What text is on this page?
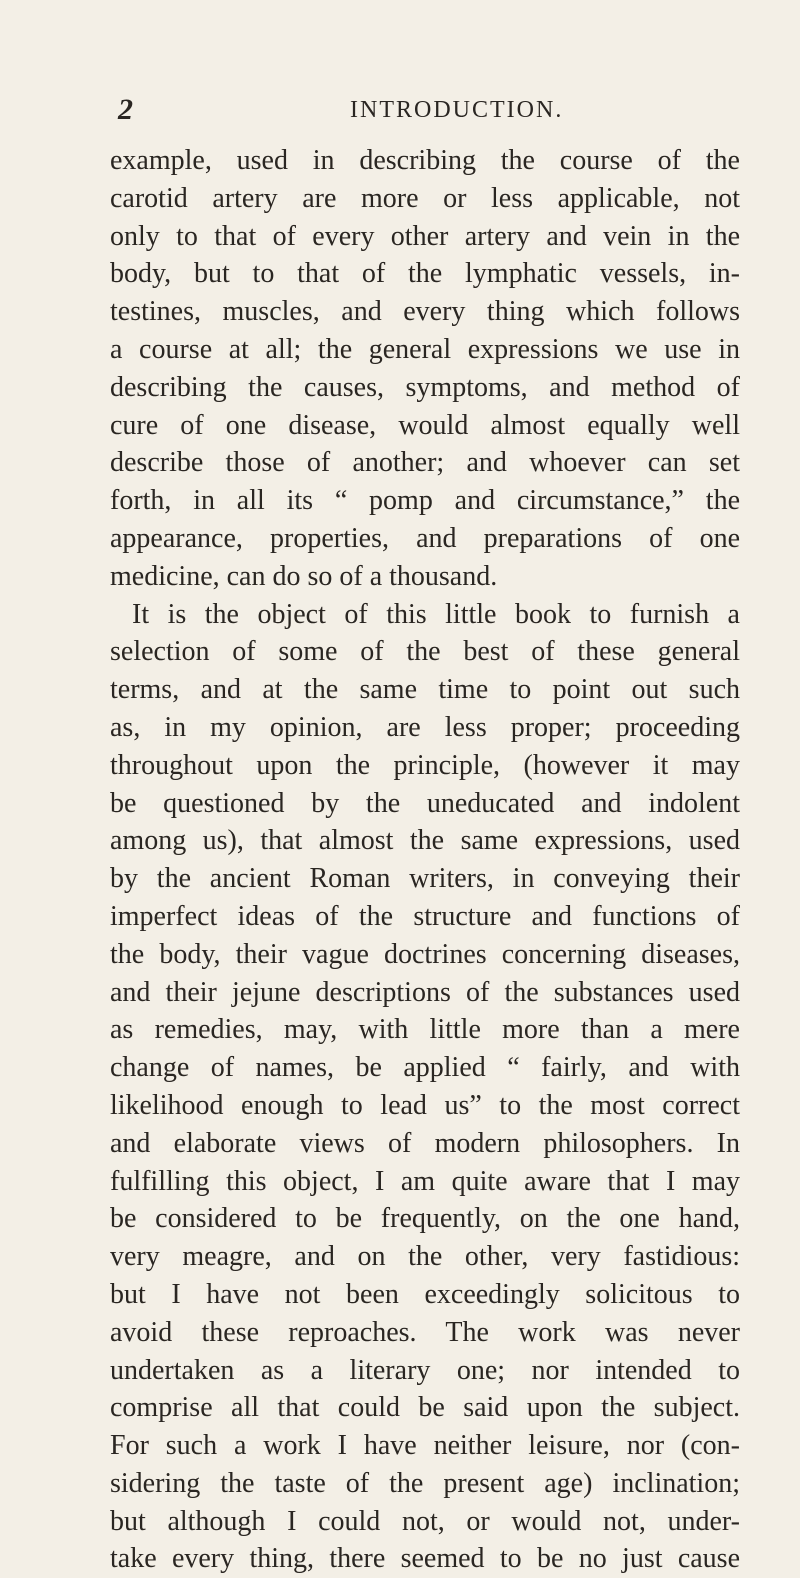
2	INTRODUCTION.
example, used in describing the course of the
carotid artery are more or less applicable, not
only to that of every other artery and vein in the
body, but to that of the lymphatic vessels, in-
testines, muscles, and every thing which follows
a course at all; the general expressions we use in
describing the causes, symptoms, and method of
cure of one disease, would almost equally well
describe those of another; and whoever can set
forth, in all its “ pomp and circumstance,” the
appearance, properties, and preparations of one
medicine, can do so of a thousand.
It is the object of this little book to furnish a
selection of some of the best of these general
terms, and at the same time to point out such
as, in my opinion, are less proper; proceeding
throughout upon the principle, (however it may
be questioned by the uneducated and indolent
among us), that almost the same expressions, used
by the ancient Roman writers, in conveying their
imperfect ideas of the structure and functions of
the body, their vague doctrines concerning diseases,
and their jejune descriptions of the substances used
as remedies, may, with little more than a mere
change of names, be applied “ fairly, and with
likelihood enough to lead us” to the most correct
and elaborate views of modern philosophers. In
fulfilling this object, I am quite aware that I may
be considered to be frequently, on the one hand,
very meagre, and on the other, very fastidious:
but I have not been exceedingly solicitous to
avoid these reproaches. The work was never
undertaken as a literary one; nor intended to
comprise all that could be said upon the subject.
For such a work I have neither leisure, nor (con-
sidering the taste of the present age) inclination;
but although I could not, or would not, under-
take every thing, there seemed to be no just cause
